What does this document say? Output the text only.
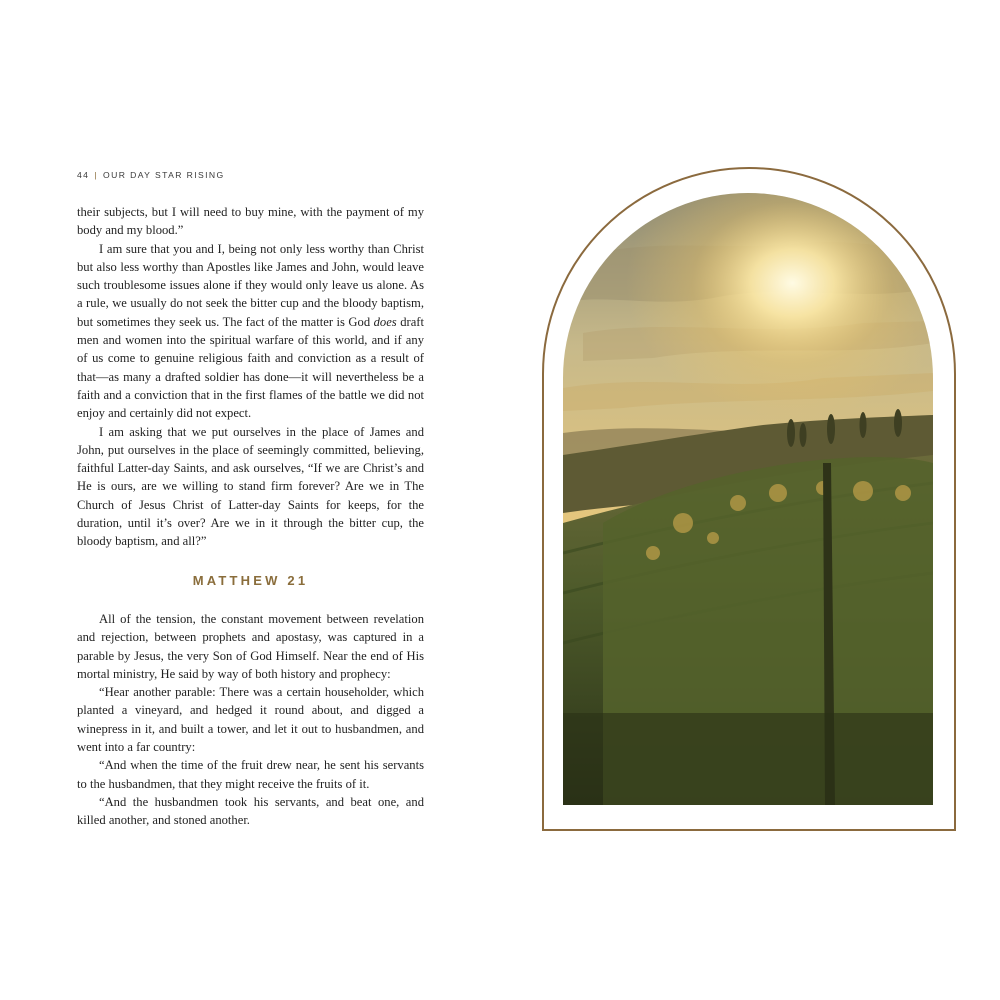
44 | OUR DAY STAR RISING

their subjects, but I will need to buy mine, with the payment of my body and my blood.”

I am sure that you and I, being not only less worthy than Christ but also less worthy than Apostles like James and John, would leave such troublesome issues alone if they would only leave us alone. As a rule, we usually do not seek the bitter cup and the bloody baptism, but sometimes they seek us. The fact of the matter is God does draft men and women into the spiritual warfare of this world, and if any of us come to genuine religious faith and conviction as a result of that—as many a drafted soldier has done—it will nevertheless be a faith and a conviction that in the first flames of the battle we did not enjoy and certainly did not expect.

I am asking that we put ourselves in the place of James and John, put ourselves in the place of seemingly committed, believing, faithful Latter-day Saints, and ask ourselves, “If we are Christ’s and He is ours, are we willing to stand firm forever? Are we in The Church of Jesus Christ of Latter-day Saints for keeps, for the duration, until it’s over? Are we in it through the bitter cup, the bloody baptism, and all?”

MATTHEW 21

All of the tension, the constant movement between revelation and rejection, between prophets and apostasy, was captured in a parable by Jesus, the very Son of God Himself. Near the end of His mortal ministry, He said by way of both history and prophecy:

“Hear another parable: There was a certain householder, which planted a vineyard, and hedged it round about, and digged a winepress in it, and built a tower, and let it out to husbandmen, and went into a far country:

“And when the time of the fruit drew near, he sent his servants to the husbandmen, that they might receive the fruits of it.

“And the husbandmen took his servants, and beat one, and killed another, and stoned another.
